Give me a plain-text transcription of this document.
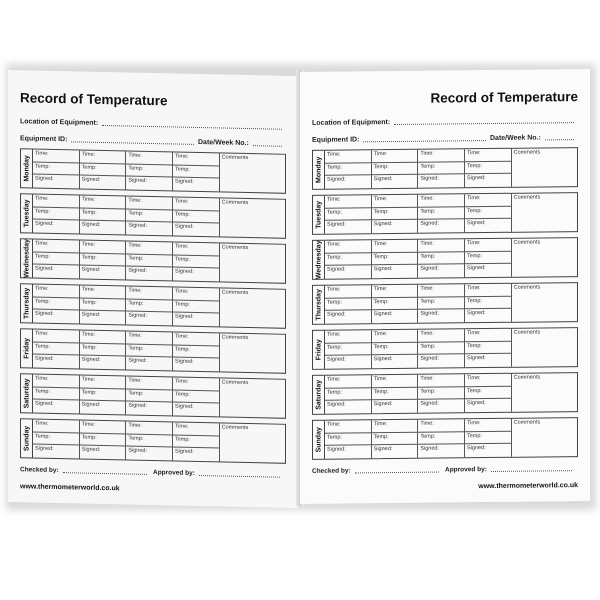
Record of Temperature
Location of Equipment:
Equipment ID:	Date/Week No.:
Monday
Time:	Time:	Time:	Time:
Temp:	Temp:	Temp:	Temp:
Signed:	Signed:	Signed:	Signed:
Comments
Tuesday
Time:	Time:	Time:	Time:
Temp:	Temp:	Temp:	Temp:
Signed:	Signed:	Signed:	Signed:
Comments
Wednesday Time:	Time:	Time:	Time:
Temp:	Temp:	Temp:	Temp:
Signed:	Signed:	Signed:	Signed:
Comments
Thursday Time:	Time:	Time:	Time:
Temp:	Temp:	Temp:	Temp:
Signed:	Signed:	Signed:	Signed:
Comments
Friday
Time:	Time:	Time:	Time:
Temp:	Temp:	Temp:	Temp:
Signed:	Signed:	Signed:	Signed:
Comments
Saturday Time:	Time:	Time:	Time:
Temp:	Temp:	Temp:	Temp:
Signed:	Signed:	Signed:	Signed:
Comments
Sunday
Time:	Time:	Time:	Time:
Temp:	Temp:	Temp:	Temp:
Signed:	Signed:	Signed:	Signed:
Comments
Checked by:	Approved by:
www.thermometerworld.co.uk
Record of Temperature
Location of Equipment:
Equipment ID:	Date/Week No.:
Monday
Time:	Time:	Time:	Time:
Temp:	Temp:	Temp:	Temp:
Signed:	Signed:	Signed:	Signed:
Comments
Tuesday
Time:	Time:	Time:	Time:
Temp:	Temp:	Temp:	Temp:
Signed:	Signed:	Signed:	Signed:
Comments
Wednesday Time:	Time:	Time:	Time:
Temp:	Temp:	Temp:	Temp:
Signed:	Signed:	Signed:	Signed:
Comments
Thursday Time:	Time:	Time:	Time:
Temp:	Temp:	Temp:	Temp:
Signed:	Signed:	Signed:	Signed:
Comments
Friday
Time:	Time:	Time:	Time:
Temp:	Temp:	Temp:	Temp:
Signed:	Signed:	Signed:	Signed:
Comments
Saturday
Time:	Time:	Time:	Time:
Temp:	Temp:	Temp:	Temp:
Signed:	Signed:	Signed:	Signed:
Comments
Sunday
Time:	Time:	Time:	Time:
Temp:	Temp:	Temp:	Temp:
Signed:	Signed:	Signed:	Signed:
Comments
Checked by:	Approved by:
www.thermometerworld.co.uk
